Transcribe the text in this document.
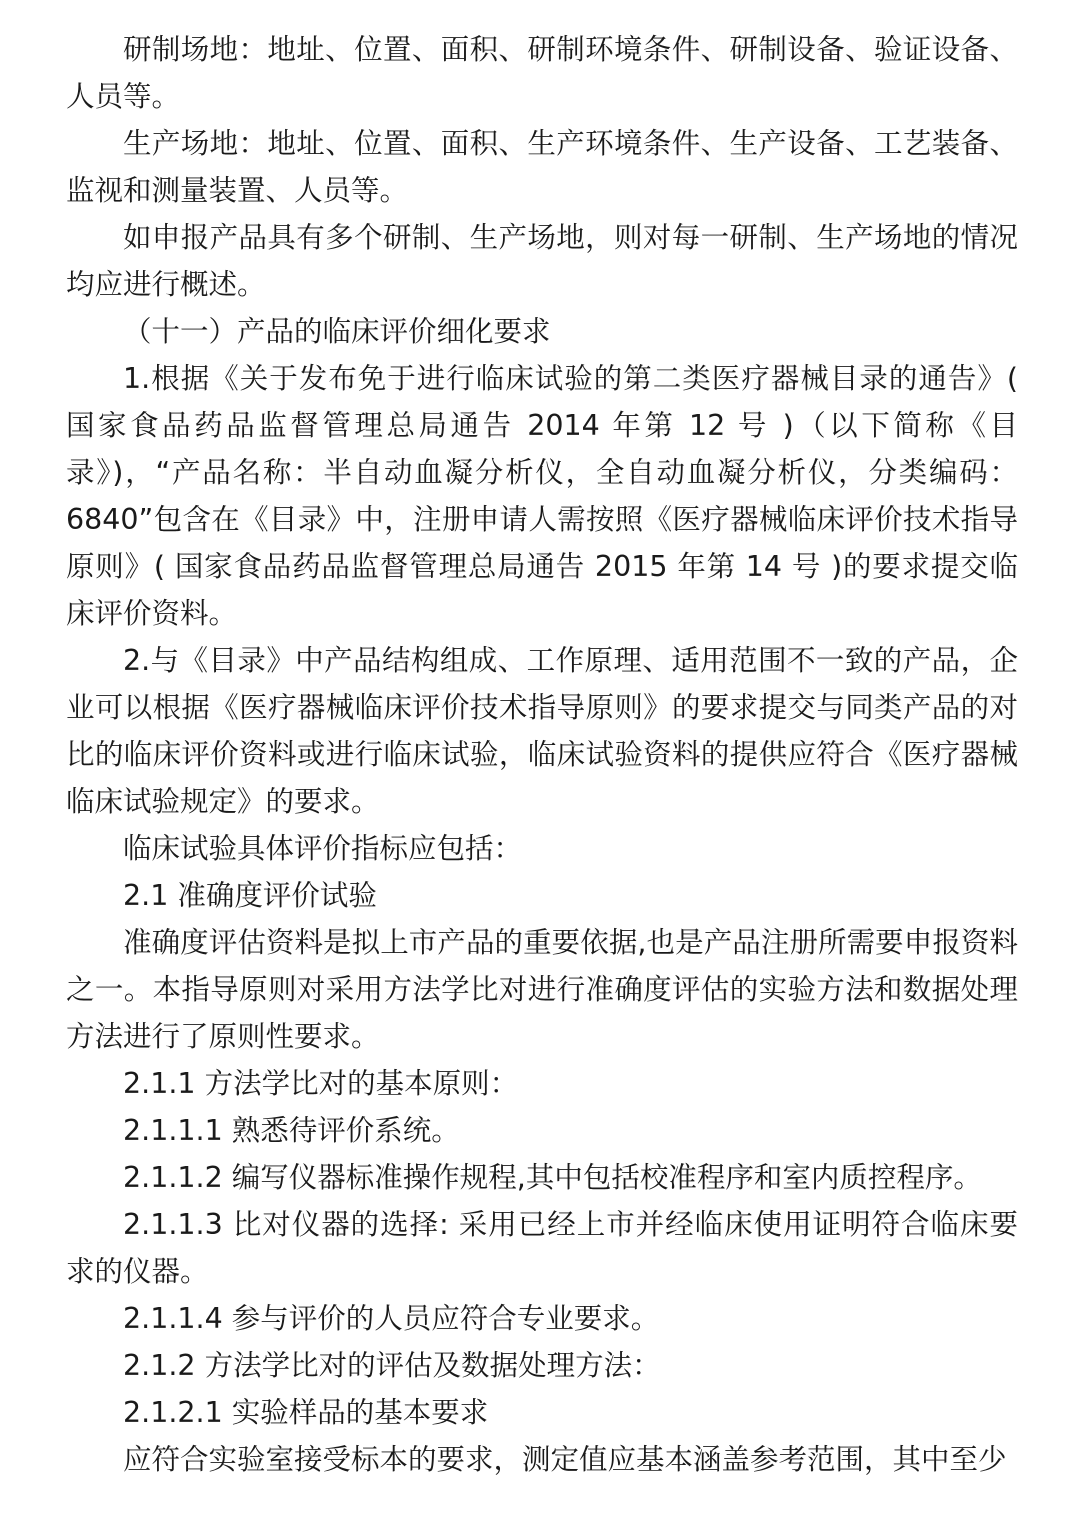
研制场地：地址、位置、面积、研制环境条件、研制设备、验证设备、人员等。

生产场地：地址、位置、面积、生产环境条件、生产设备、工艺装备、监视和测量装置、人员等。

如申报产品具有多个研制、生产场地，则对每一研制、生产场地的情况均应进行概述。

（十一）产品的临床评价细化要求

1.根据《关于发布免于进行临床试验的第二类医疗器械目录的通告》( 国家食品药品监督管理总局通告 2014 年第 12 号 )（以下简称《目录》)，“产品名称：半自动血凝分析仪，全自动血凝分析仪，分类编码：6840”包含在《目录》中，注册申请人需按照《医疗器械临床评价技术指导原则》( 国家食品药品监督管理总局通告 2015 年第 14 号 )的要求提交临床评价资料。

2.与《目录》中产品结构组成、工作原理、适用范围不一致的产品，企业可以根据《医疗器械临床评价技术指导原则》的要求提交与同类产品的对比的临床评价资料或进行临床试验，临床试验资料的提供应符合《医疗器械临床试验规定》的要求。

临床试验具体评价指标应包括：

2.1 准确度评价试验

准确度评估资料是拟上市产品的重要依据,也是产品注册所需要申报资料之一。本指导原则对采用方法学比对进行准确度评估的实验方法和数据处理方法进行了原则性要求。

2.1.1 方法学比对的基本原则：

2.1.1.1 熟悉待评价系统。

2.1.1.2 编写仪器标准操作规程,其中包括校准程序和室内质控程序。

2.1.1.3 比对仪器的选择: 采用已经上市并经临床使用证明符合临床要求的仪器。

2.1.1.4 参与评价的人员应符合专业要求。

2.1.2 方法学比对的评估及数据处理方法：

2.1.2.1 实验样品的基本要求

应符合实验室接受标本的要求，测定值应基本涵盖参考范围，其中至少
